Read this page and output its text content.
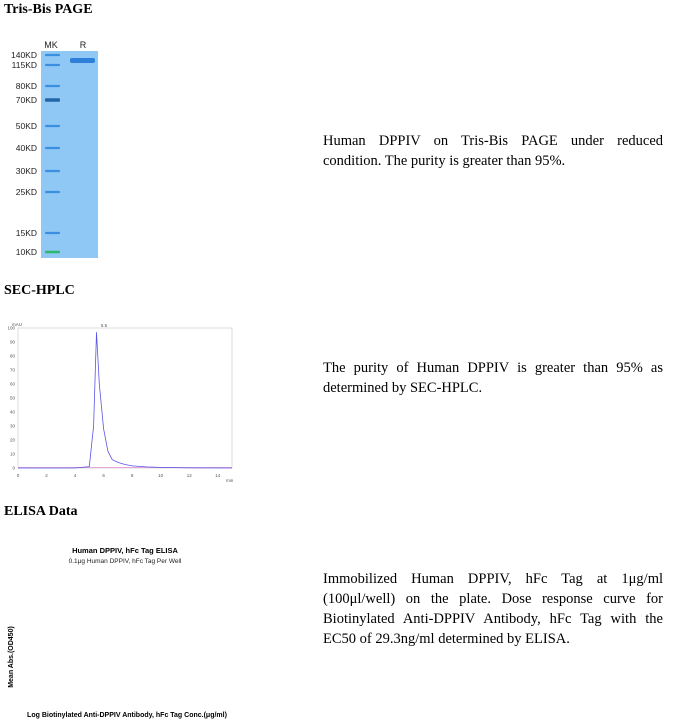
Tris-Bis PAGE
MK R
140KD
115KD
80KD
70KD
50KD
40KD
30KD
25KD
15KD
10KD
Human DPPIV on Tris-Bis PAGE under reduced condition. The purity is greater than 95%.
SEC-HPLC
0	2	4	6	8	10	12	14
0
10
20
30
40
50
60
70
80
90
100
mAU
min
5.5
The purity of Human DPPIV is greater than 95% as determined by SEC-HPLC.
ELISA Data
Human DPPIV, hFc Tag ELISA
0.1μg Human DPPIV, hFc Tag Per Well
Mean Abs.(OD450)
Log Biotinylated Anti-DPPIV Antibody, hFc Tag Conc.(μg/ml)
Immobilized Human DPPIV, hFc Tag at 1μg/ml (100μl/well) on the plate. Dose response curve for Biotinylated Anti-DPPIV Antibody, hFc Tag with the EC50 of 29.3ng/ml determined by ELISA.
